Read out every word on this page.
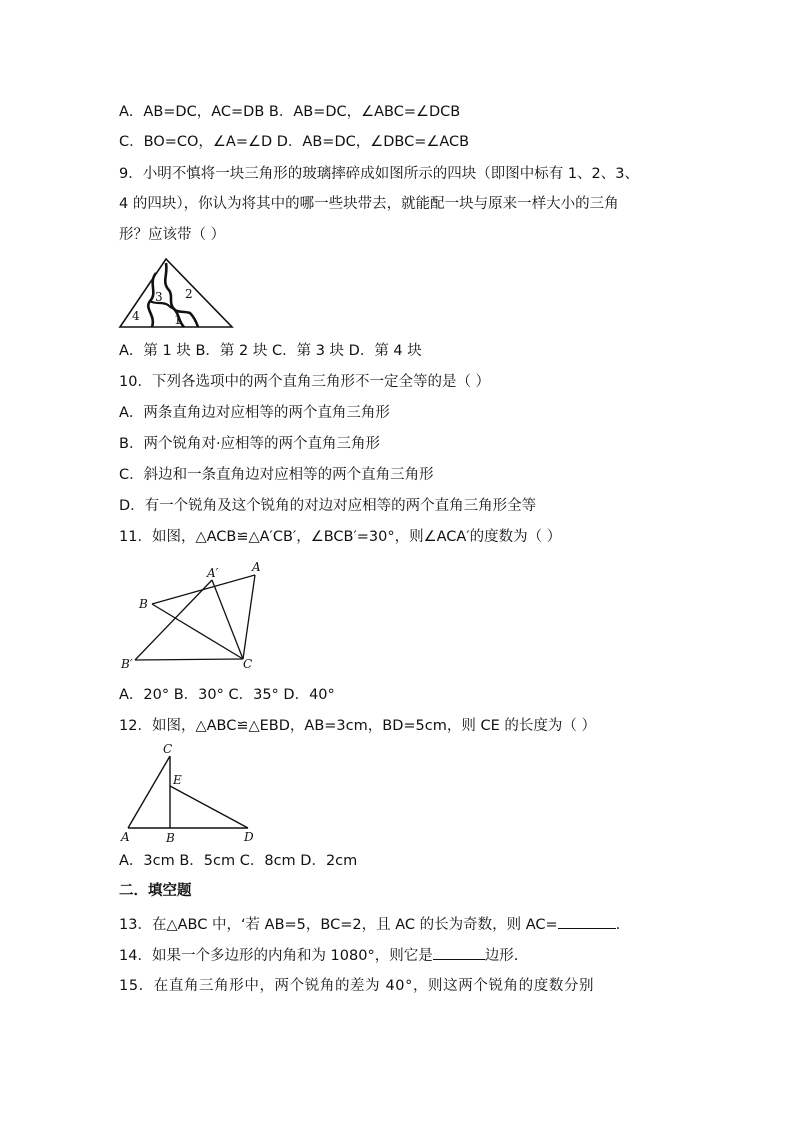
A．AB=DC，AC=DB B．AB=DC，∠ABC=∠DCB
C．BO=CO，∠A=∠D D．AB=DC，∠DBC=∠ACB
9．小明不慎将一块三角形的玻璃摔碎成如图所示的四块（即图中标有 1、2、3、
4 的四块），你认为将其中的哪一些块带去，就能配一块与原来一样大小的三角
形？应该带（ ）
4
3 2
1
A．第 1 块 B．第 2 块 C．第 3 块 D．第 4 块
10．下列各选项中的两个直角三角形不一定全等的是（ ）
A．两条直角边对应相等的两个直角三角形
B．两个锐角对·应相等的两个直角三角形
C．斜边和一条直角边对应相等的两个直角三角形
D．有一个锐角及这个锐角的对边对应相等的两个直角三角形全等
11．如图，△ACB≌△A′CB′，∠BCB′=30°，则∠ACA′的度数为（ ）
A′	A
B
B′	C
A．20° B．30° C．35° D．40°
12．如图，△ABC≌△EBD，AB=3cm，BD=5cm，则 CE 的长度为（ ）
C
E
A	B	D
A．3cm B．5cm C．8cm D．2cm
二．填空题
13．在△ABC 中，‘若 AB=5，BC=2，且 AC 的长为奇数，则 AC=	.
14．如果一个多边形的内角和为 1080°，则它是	边形.
15．在直角三角形中，两个锐角的差为 40°，则这两个锐角的度数分别
